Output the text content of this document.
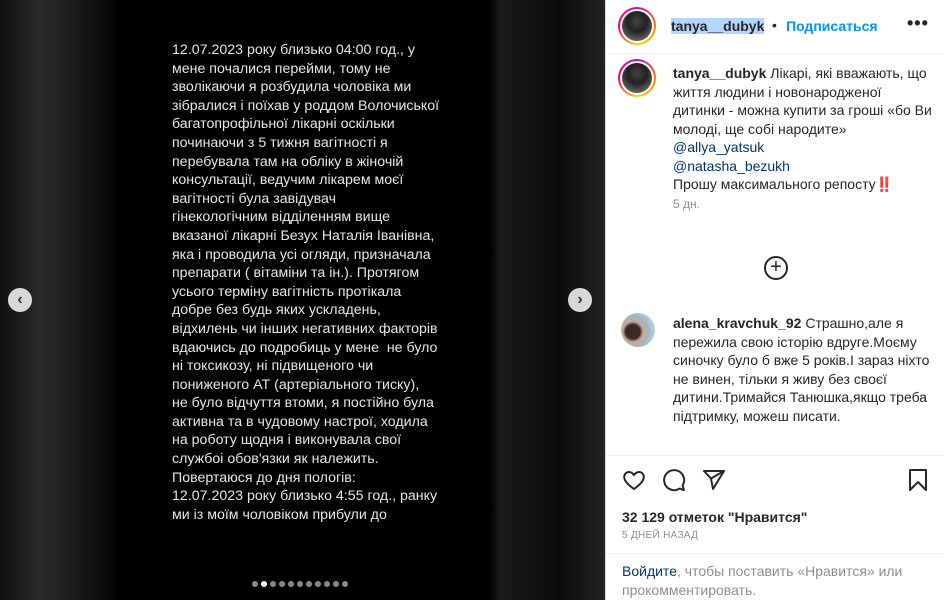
12.07.2023 року близько 04:00 год., у
мене почалися перейми, тому не
зволікаючи я розбудила чоловіка ми
зібралися і поїхав у роддом Волочиської
багатопрофільної лікарні оскільки
починаючи з 5 тижня вагітності я
перебувала там на обліку в жіночій
консультації, ведучим лікарем моєї
вагітності була завідувач
гінекологічним відділенням вище
вказаної лікарні Безух Наталія Іванівна,
яка і проводила усі огляди, призначала
препарати ( вітаміни та ін.). Протягом
усього терміну вагітність протікала
добре без будь яких ускладень,
відхилень чи інших негативних факторів
вдаючись до подробиць у мене  не було
ні токсикозу, ні підвищеного чи
пониженого АТ (артеріального тиску),
не було відчуття втоми, я постійно була
активна та в чудовому настрої, ходила
на роботу щодня і виконувала свої
службоі обов'язки як належить.
Повертаюся до дня пологів:
12.07.2023 року близько 4:55 год., ранку
ми із моїм чоловіком прибули до
‹	›
tanya__dubyk • Подписаться •••
tanya__dubyk Лікарі, які вважають, що життя людини і новонародженої дитинки - можна купити за гроші «бо Ви молоді, ще собі народите»
@allya_yatsuk
@natasha_bezukh
Прошу максимального репосту‼️
5 дн.
+
alena_kravchuk_92 Страшно,але я пережила свою історію вдруге.Моєму синочку було б вже 5 років.І зараз ніхто не винен, тільки я живу без своєї дитини.Тримайся Танюшка,якщо треба підтримку, можеш писати.
32 129 отметок "Нравится"
5 ДНЕЙ НАЗАД
Войдите, чтобы поставить «Нравится» или прокомментировать.
